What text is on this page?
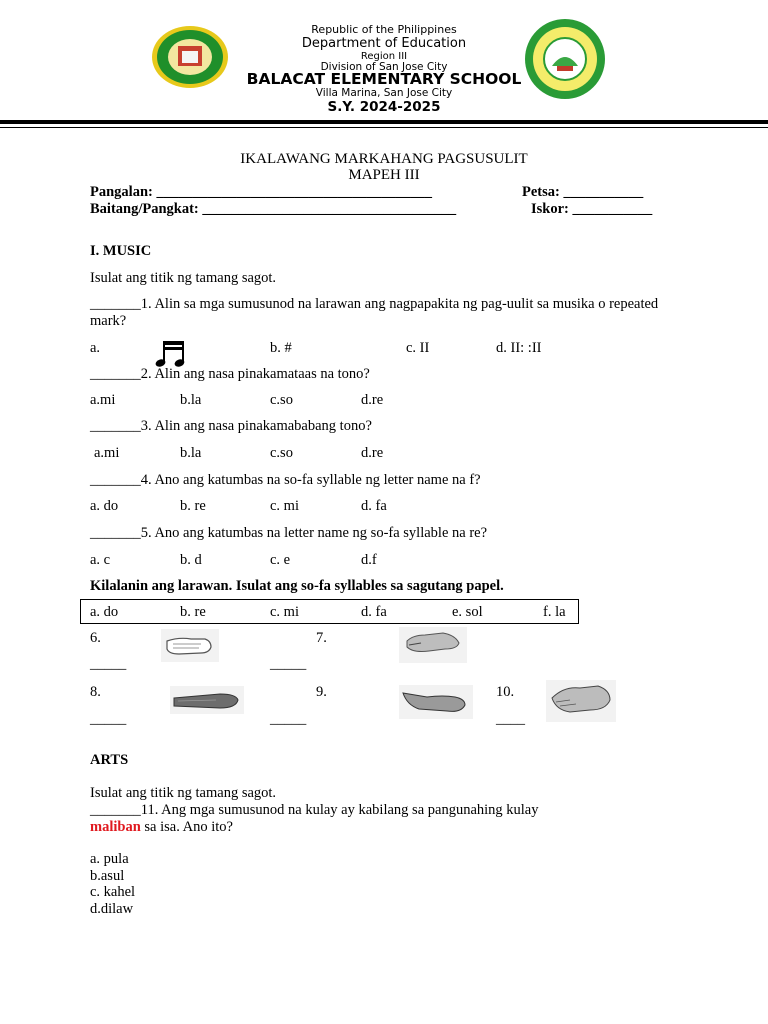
Republic of the Philippines
Department of Education
Region III
Division of San Jose City
BALACAT ELEMENTARY SCHOOL
Villa Marina, San Jose City
S.Y. 2024-2025
IKALAWANG MARKAHANG PAGSUSULIT
MAPEH III
Pangalan: ______________________________________	Petsa: ___________
Baitang/Pangkat: ___________________________________	Iskor: ___________
I. MUSIC
Isulat ang titik ng tamang sagot.
_______1. Alin sa mga sumusunod na larawan ang nagpapakita ng pag-uulit sa musika o repeated mark?
a.	b. #	c. II	d. II: :II
_______2. Alin ang nasa pinakamataas na tono?
a.mi	b.la	c.so	d.re
_______3. Alin ang nasa pinakamababang tono?
a.mi	b.la	c.so	d.re
_______4. Ano ang katumbas na so-fa syllable ng letter name na f?
a. do	b. re	c. mi	d. fa
_______5. Ano ang katumbas na letter name ng so-fa syllable na re?
a. c	b. d	c. e	d.f
Kilalanin ang larawan. Isulat ang so-fa syllables sa sagutang papel.
a. do	b. re	c. mi	d. fa	e. sol	f. la
6.
_____
7.
_____
8.
_____
9.
_____
10.
____
ARTS
Isulat ang titik ng tamang sagot.
_______11. Ang mga sumusunod na kulay ay kabilang sa pangunahing kulay
maliban sa isa. Ano ito?
a. pula
b.asul
c. kahel
d.dilaw
